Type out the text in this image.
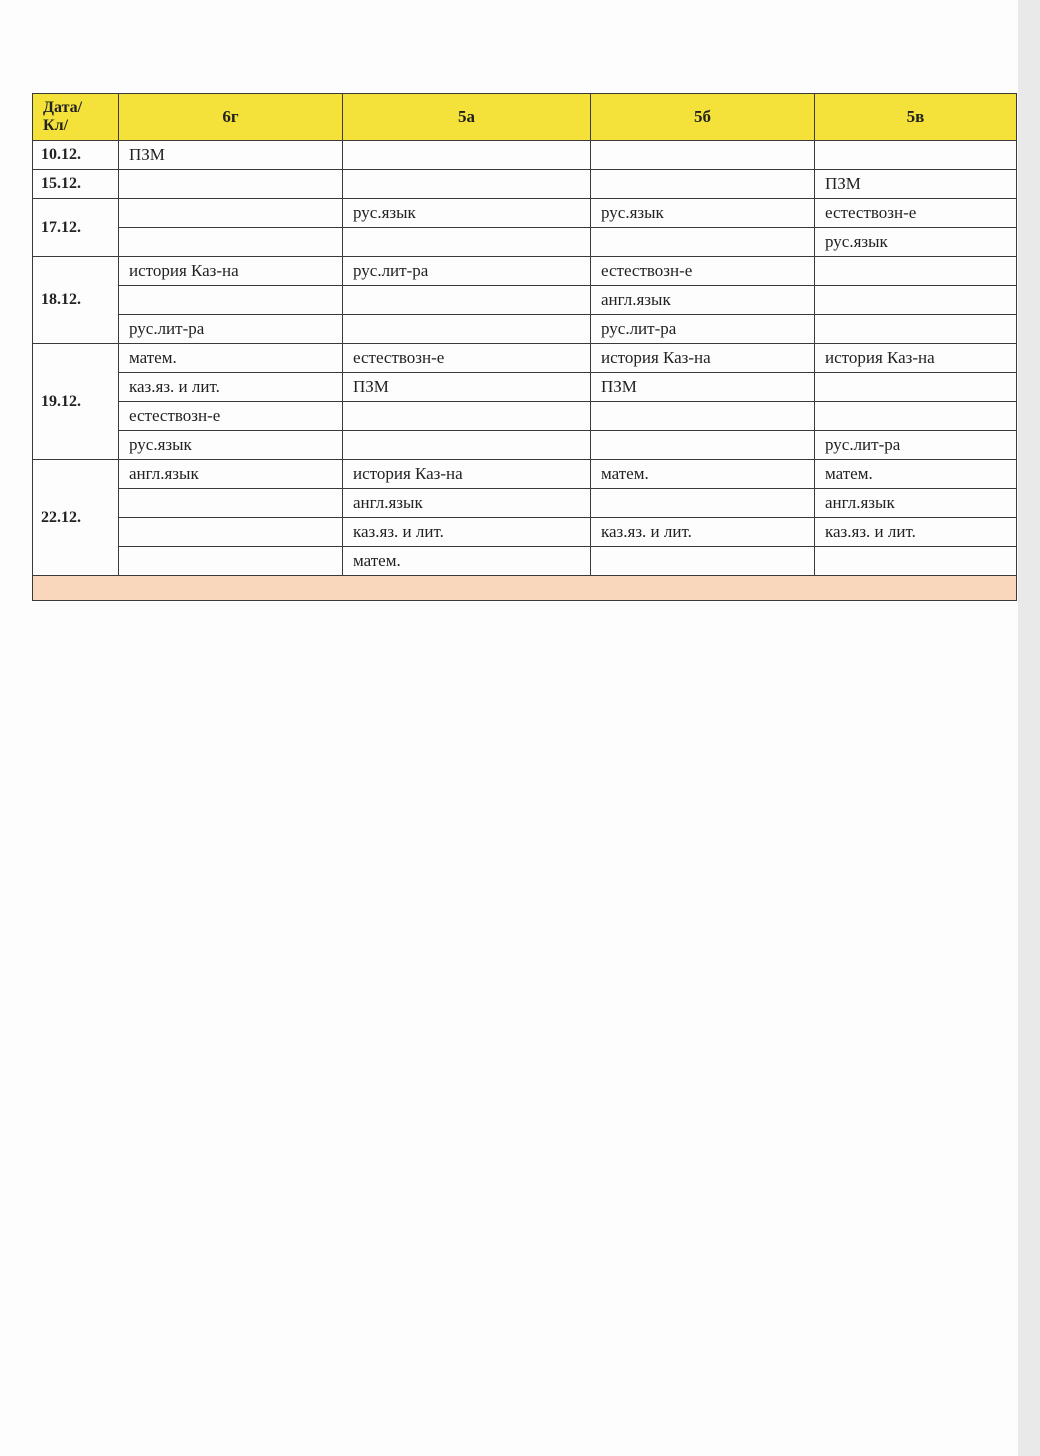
Дата/
Кл/	6г	5а	5б	5в
10.12.	ПЗМ			
15.12.				ПЗМ
17.12.		рус.язык	рус.язык	естествозн-е
				рус.язык
18.12.	история Каз-на	рус.лит-ра	естествозн-е	
			англ.язык	
	рус.лит-ра		рус.лит-ра	
19.12.	матем.	естествозн-е	история Каз-на	история Каз-на
	каз.яз. и лит.	ПЗМ	ПЗМ	
	естествозн-е			
	рус.язык			рус.лит-ра
22.12.	англ.язык	история Каз-на	матем.	матем.
		англ.язык		англ.язык
		каз.яз. и лит.	каз.яз. и лит.	каз.яз. и лит.
		матем.		
